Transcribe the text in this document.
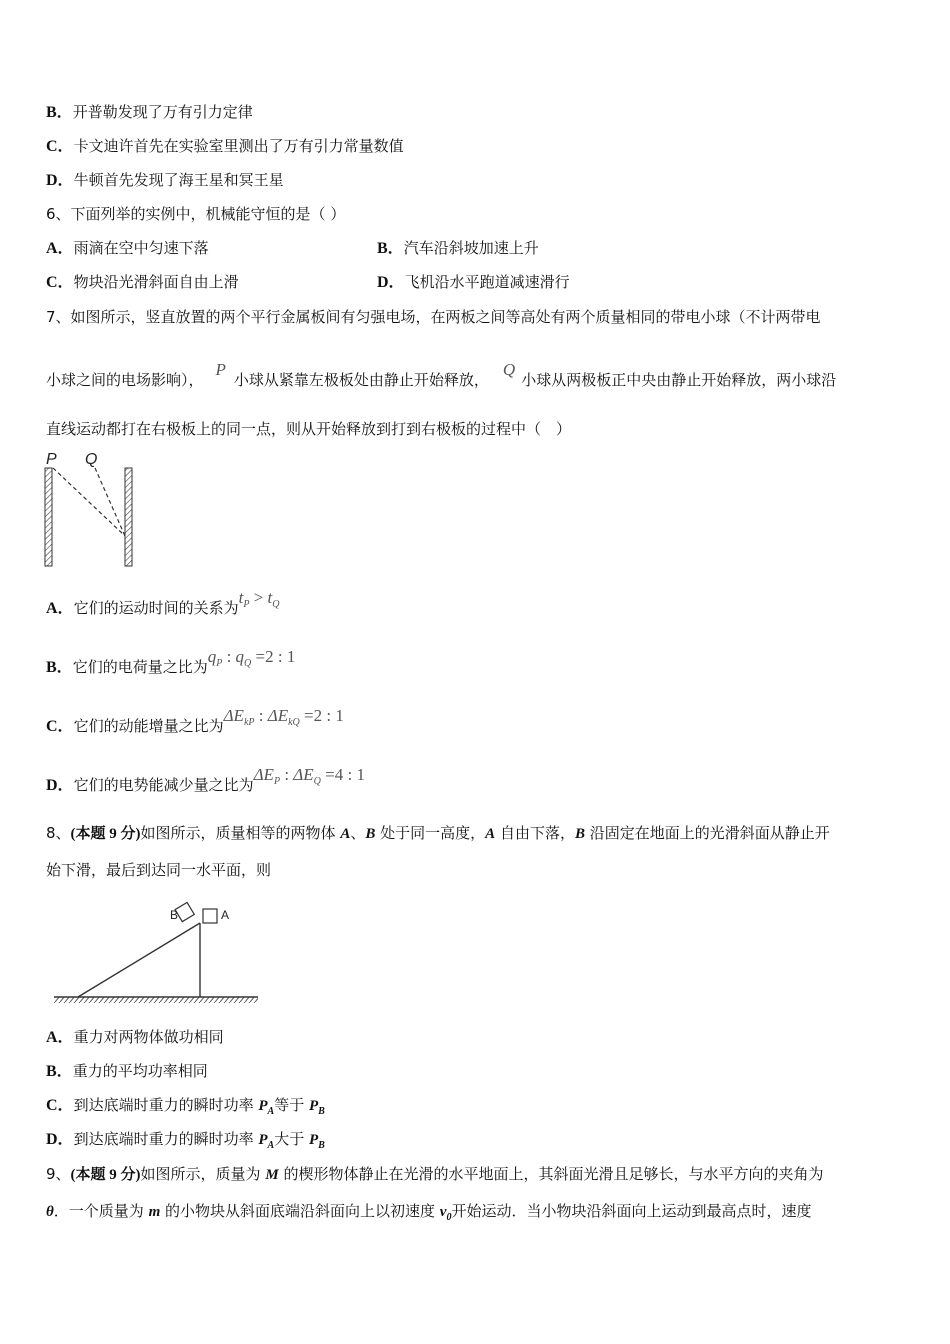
B．开普勒发现了万有引力定律
C．卡文迪许首先在实验室里测出了万有引力常量数值
D．牛顿首先发现了海王星和冥王星
6、下面列举的实例中，机械能守恒的是（ ）
A．雨滴在空中匀速下落	B．汽车沿斜坡加速上升
C．物块沿光滑斜面自由上滑	D．飞机沿水平跑道减速滑行
7、如图所示，竖直放置的两个平行金属板间有匀强电场，在两板之间等高处有两个质量相同的带电小球（不计两带电
小球之间的电场影响），P小球从紧靠左极板处由静止开始释放，Q小球从两极板正中央由静止开始释放，两小球沿
直线运动都打在右极板上的同一点，则从开始释放到打到右极板的过程中（　）
P Q
A．它们的运动时间的关系为$t_P > t_Q$
B．它们的电荷量之比为$q_P$ : $q_Q =2$ : 1
C．它们的动能增量之比为$\Delta E_{kP}$ : $\Delta E_{kQ} =2$ : 1
D．它们的电势能减少量之比为$\Delta E_P$ : $\Delta E_Q =4$ : 1
8、(本题 9 分)如图所示，质量相等的两物体 A、B 处于同一高度，A 自由下落，B 沿固定在地面上的光滑斜面从静止开
始下滑，最后到达同一水平面，则
B	A
A．重力对两物体做功相同
B．重力的平均功率相同
C．到达底端时重力的瞬时功率 $P_A$等于 $P_B$
D．到达底端时重力的瞬时功率 $P_A$大于 $P_B$
9、(本题 9 分)如图所示，质量为 M 的楔形物体静止在光滑的水平地面上，其斜面光滑且足够长，与水平方向的夹角为
θ．一个质量为 m 的小物块从斜面底端沿斜面向上以初速度 $v_0$开始运动．当小物块沿斜面向上运动到最高点时，速度
